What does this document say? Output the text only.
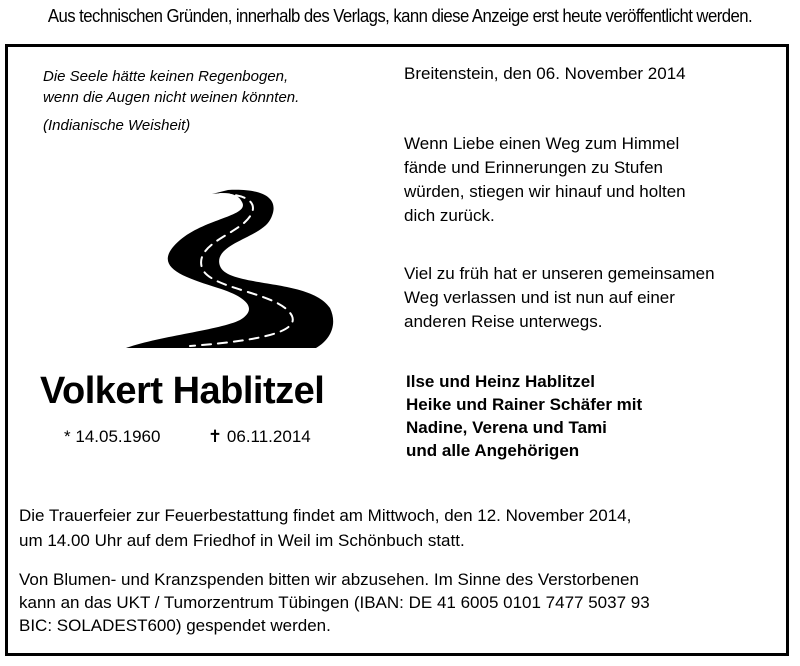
Aus technischen Gründen, innerhalb des Verlags, kann diese Anzeige erst heute veröffentlicht werden.
Die Seele hätte keinen Regenbogen,
wenn die Augen nicht weinen könnten.
(Indianische Weisheit)
Breitenstein, den 06. November 2014
Wenn Liebe einen Weg zum Himmel
fände und Erinnerungen zu Stufen
würden, stiegen wir hinauf und holten
dich zurück.
Viel zu früh hat er unseren gemeinsamen
Weg verlassen und ist nun auf einer
anderen Reise unterwegs.
Volkert Hablitzel
* 14.05.1960	✝ 06.11.2014
Ilse und Heinz Hablitzel
Heike und Rainer Schäfer mit
Nadine, Verena und Tami
und alle Angehörigen
Die Trauerfeier zur Feuerbestattung findet am Mittwoch, den 12. November 2014,
um 14.00 Uhr auf dem Friedhof in Weil im Schönbuch statt.
Von Blumen- und Kranzspenden bitten wir abzusehen. Im Sinne des Verstorbenen
kann an das UKT / Tumorzentrum Tübingen (IBAN: DE 41 6005 0101 7477 5037 93
BIC: SOLADEST600) gespendet werden.
